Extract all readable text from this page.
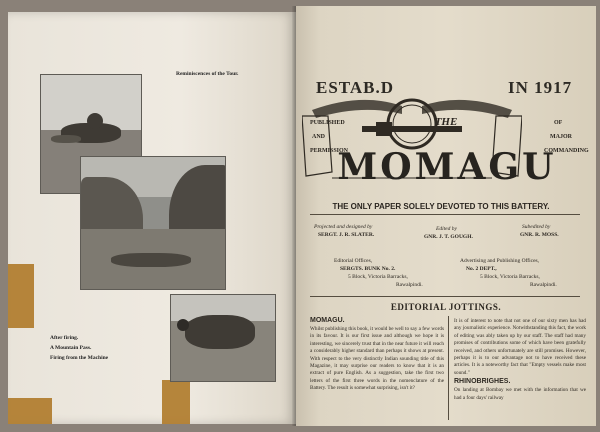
Reminiscences of the Tour.
After firing.
A Mountain Pass.
Firing from the Machine
ESTAB.D	IN 1917
THE
PUBLISHED
AND
PERMISSION
OF
MAJOR
COMMANDING
MOMAGU
THE ONLY PAPER SOLELY DEVOTED TO THIS BATTERY.
Projected and designed by
SERGT. J. R. SLATER.
Edited by
GNR. J. T. GOUGH.
Subedited by
GNR. R. MOSS.
Editorial Offices,
SERGTS. BUNK No. 2.
5 Block, Victoria Barracks,
Rawalpindi.
Advertising and Publishing Offices,
No. 2 DEPT.,
5 Block, Victoria Barracks,
Rawalpindi.
EDITORIAL JOTTINGS.
MOMAGU.
Whilst publishing this book, it would be well to say a few words in its favour. It is our first issue and although we hope it is interesting, we sincerely trust that in the near future it will reach a considerably higher standard than perhaps it shows at present. With respect to the very distinctly Indian sounding title of this Magazine, it may surprise our readers to know that it is an extract of pure English. As a suggestion, take the first two letters of the first three words in the nomenclature of the Battery. The result is somewhat surprising, isn't it?
It is of interest to note that not one of our sixty men has had any journalistic experience. Notwithstanding this fact, the work of editing was ably taken up by our staff. The staff had many promises of contributions some of which have been gratefully received, and others unfortunately are still promises. However, perhaps it is to our advantage not to have received these articles. It is a noteworthy fact that "Empty vessels make most sound."
RHINOBRIGHES.
On landing at Bombay we met with the information that we had a four days' railway
